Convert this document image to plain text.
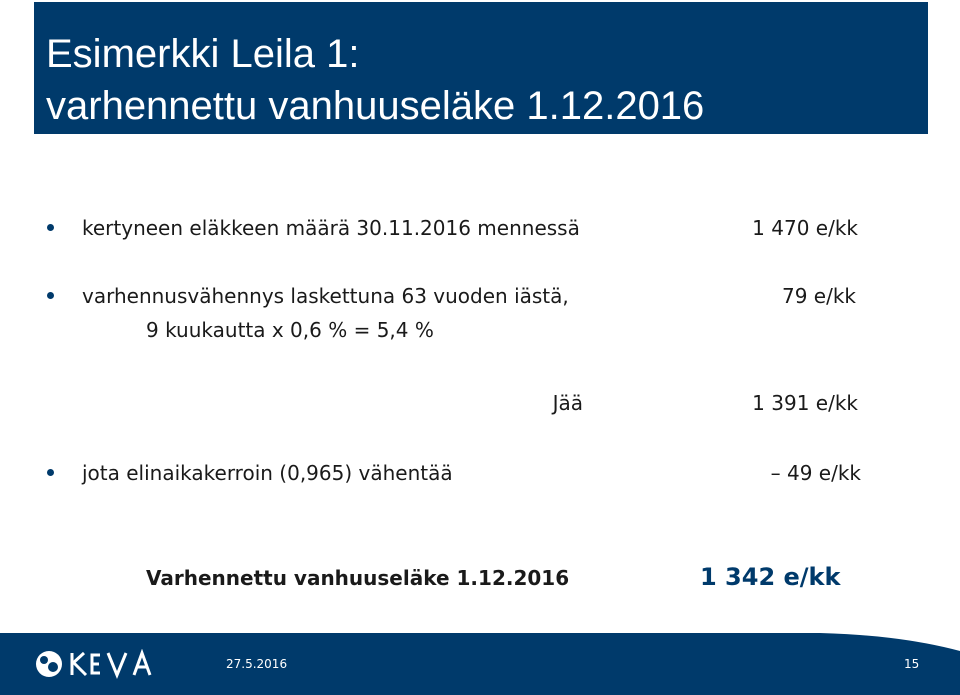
Esimerkki Leila 1:
varhennettu vanhuuseläke 1.12.2016
kertyneen eläkkeen määrä 30.11.2016 mennessä	1 470 e/kk
varhennusvähennys laskettuna 63 vuoden iästä,	79 e/kk
9 kuukautta x 0,6 % = 5,4 %
Jää	1 391 e/kk
jota elinaikakerroin (0,965) vähentää	– 49 e/kk
Varhennettu vanhuuseläke 1.12.2016	1 342 e/kk
27.5.2016	15
